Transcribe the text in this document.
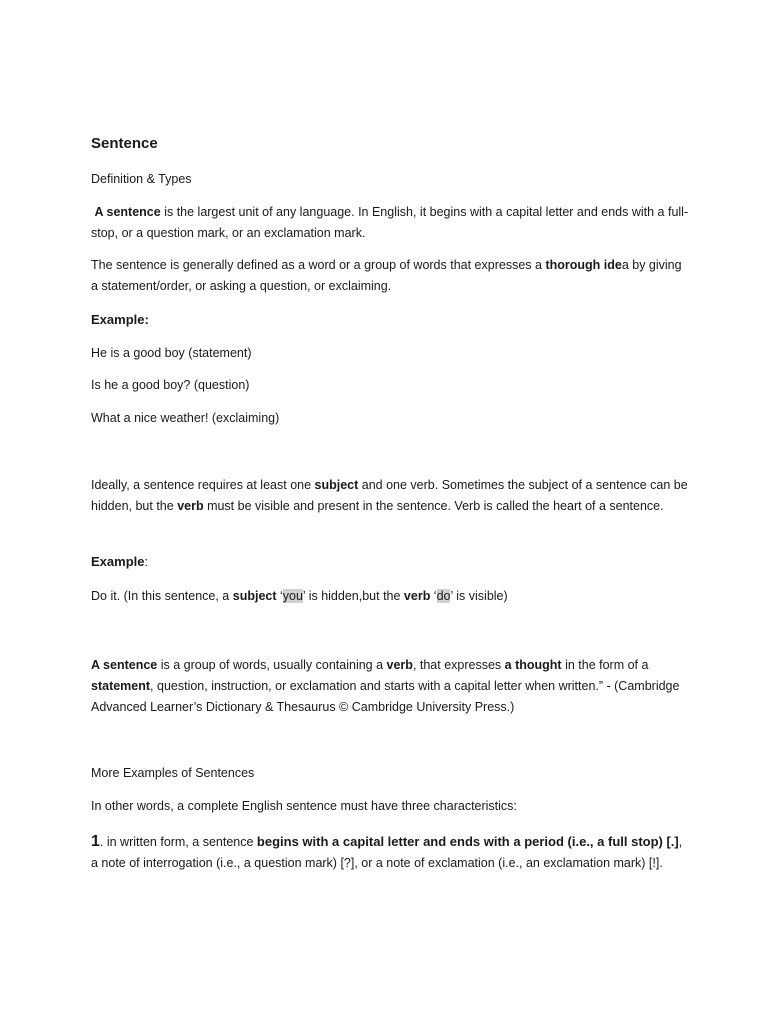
Sentence

Definition & Types

A sentence is the largest unit of any language. In English, it begins with a capital letter and ends with a full-stop, or a question mark, or an exclamation mark.

The sentence is generally defined as a word or a group of words that expresses a thorough idea by giving a statement/order, or asking a question, or exclaiming.

Example:

He is a good boy (statement)

Is he a good boy? (question)

What a nice weather! (exclaiming)

Ideally, a sentence requires at least one subject and one verb. Sometimes the subject of a sentence can be hidden, but the verb must be visible and present in the sentence. Verb is called the heart of a sentence.

Example:

Do it. (In this sentence, a subject ‘you’ is hidden,but the verb ‘do’ is visible)

A sentence is a group of words, usually containing a verb, that expresses a thought in the form of a statement, question, instruction, or exclamation and starts with a capital letter when written.” - (Cambridge Advanced Learner’s Dictionary & Thesaurus © Cambridge University Press.)

More Examples of Sentences

In other words, a complete English sentence must have three characteristics:

1. in written form, a sentence begins with a capital letter and ends with a period (i.e., a full stop) [.], a note of interrogation (i.e., a question mark) [?], or a note of exclamation (i.e., an exclamation mark) [!].
